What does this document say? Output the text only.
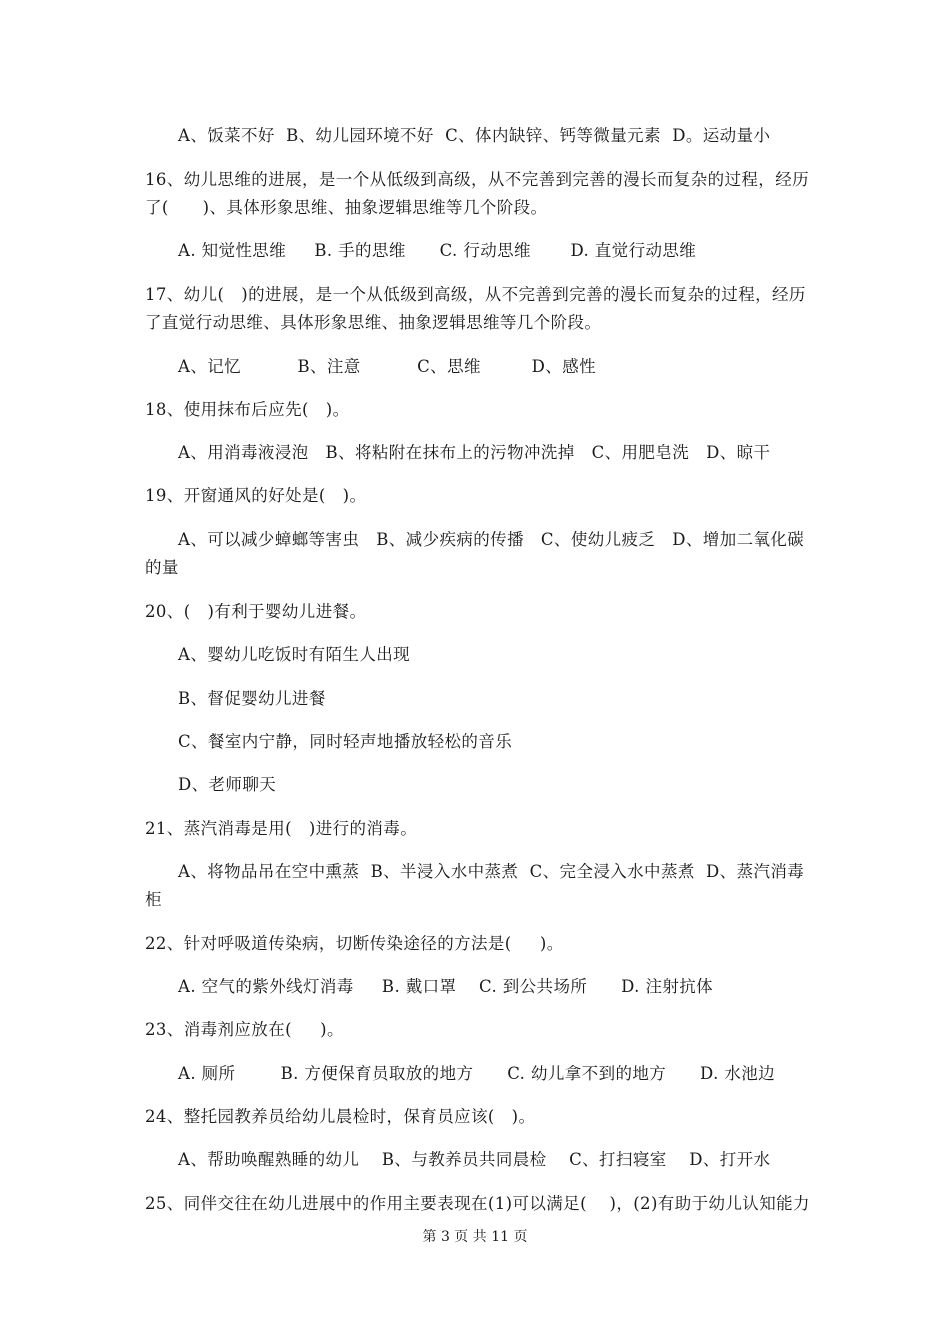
A、饭菜不好  B、幼儿园环境不好  C、体内缺锌、钙等微量元素  D。运动量小
16、幼儿思维的进展，是一个从低级到高级，从不完善到完善的漫长而复杂的过程，经历
了(      )、具体形象思维、抽象逻辑思维等几个阶段。
A. 知觉性思维     B. 手的思维      C. 行动思维       D. 直觉行动思维
17、幼儿(   )的进展，是一个从低级到高级，从不完善到完善的漫长而复杂的过程，经历
了直觉行动思维、具体形象思维、抽象逻辑思维等几个阶段。
A、记忆          B、注意          C、思维         D、感性
18、使用抹布后应先(   )。
A、用消毒液浸泡   B、将粘附在抹布上的污物冲洗掉   C、用肥皂洗   D、晾干
19、开窗通风的好处是(   )。
A、可以减少蟑螂等害虫   B、减少疾病的传播   C、使幼儿疲乏   D、增加二氧化碳
的量
20、(   )有利于婴幼儿进餐。
A、婴幼儿吃饭时有陌生人出现
B、督促婴幼儿进餐
C、餐室内宁静，同时轻声地播放轻松的音乐
D、老师聊天
21、蒸汽消毒是用(   )进行的消毒。
A、将物品吊在空中熏蒸  B、半浸入水中蒸煮  C、完全浸入水中蒸煮  D、蒸汽消毒
柜
22、针对呼吸道传染病，切断传染途径的方法是(     )。
A. 空气的紫外线灯消毒     B. 戴口罩    C. 到公共场所      D. 注射抗体
23、消毒剂应放在(     )。
A. 厕所        B. 方便保育员取放的地方      C. 幼儿拿不到的地方      D. 水池边
24、整托园教养员给幼儿晨检时，保育员应该(   )。
A、帮助唤醒熟睡的幼儿    B、与教养员共同晨检    C、打扫寝室    D、打开水
25、同伴交往在幼儿进展中的作用主要表现在(1)可以满足(    )，(2)有助于幼儿认知能力
第 3 页 共 11 页
